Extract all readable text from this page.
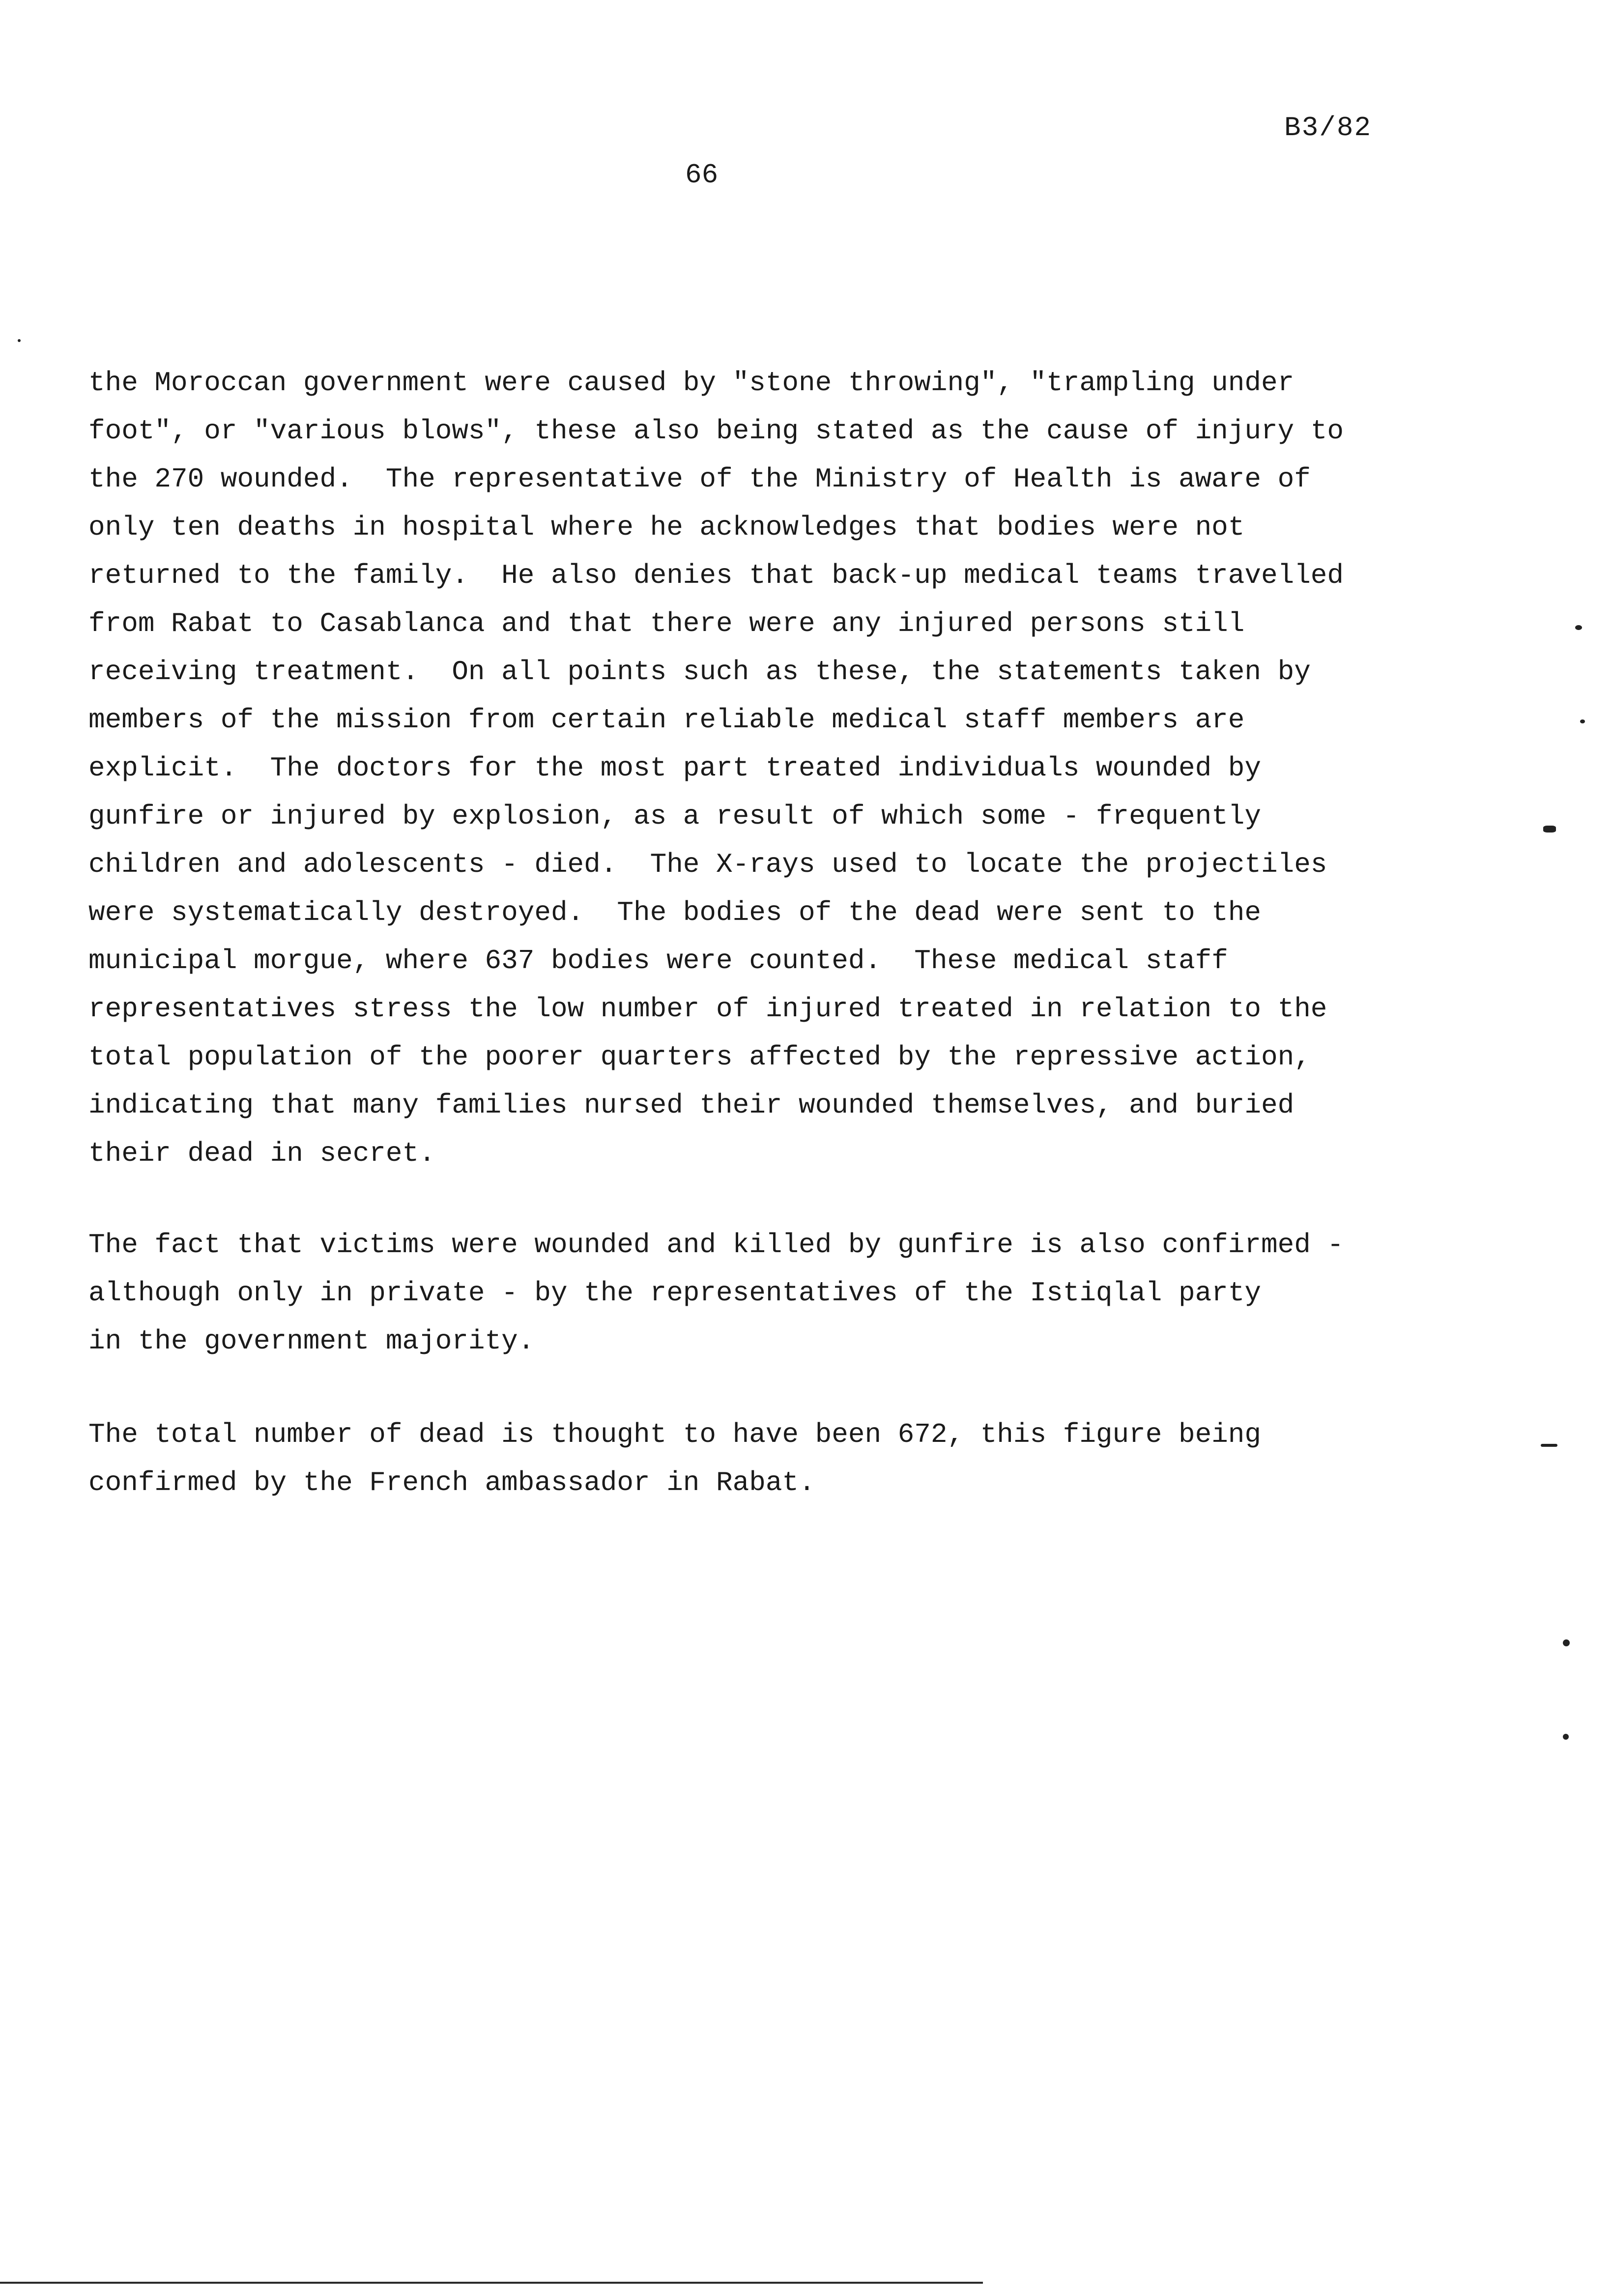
B3/82
66
the Moroccan government were caused by "stone throwing", "trampling under
foot", or "various blows", these also being stated as the cause of injury to
the 270 wounded.  The representative of the Ministry of Health is aware of
only ten deaths in hospital where he acknowledges that bodies were not
returned to the family.  He also denies that back-up medical teams travelled
from Rabat to Casablanca and that there were any injured persons still
receiving treatment.  On all points such as these, the statements taken by
members of the mission from certain reliable medical staff members are
explicit.  The doctors for the most part treated individuals wounded by
gunfire or injured by explosion, as a result of which some - frequently
children and adolescents - died.  The X-rays used to locate the projectiles
were systematically destroyed.  The bodies of the dead were sent to the
municipal morgue, where 637 bodies were counted.  These medical staff
representatives stress the low number of injured treated in relation to the
total population of the poorer quarters affected by the repressive action,
indicating that many families nursed their wounded themselves, and buried
their dead in secret.
The fact that victims were wounded and killed by gunfire is also confirmed -
although only in private - by the representatives of the Istiqlal party
in the government majority.
The total number of dead is thought to have been 672, this figure being
confirmed by the French ambassador in Rabat.
